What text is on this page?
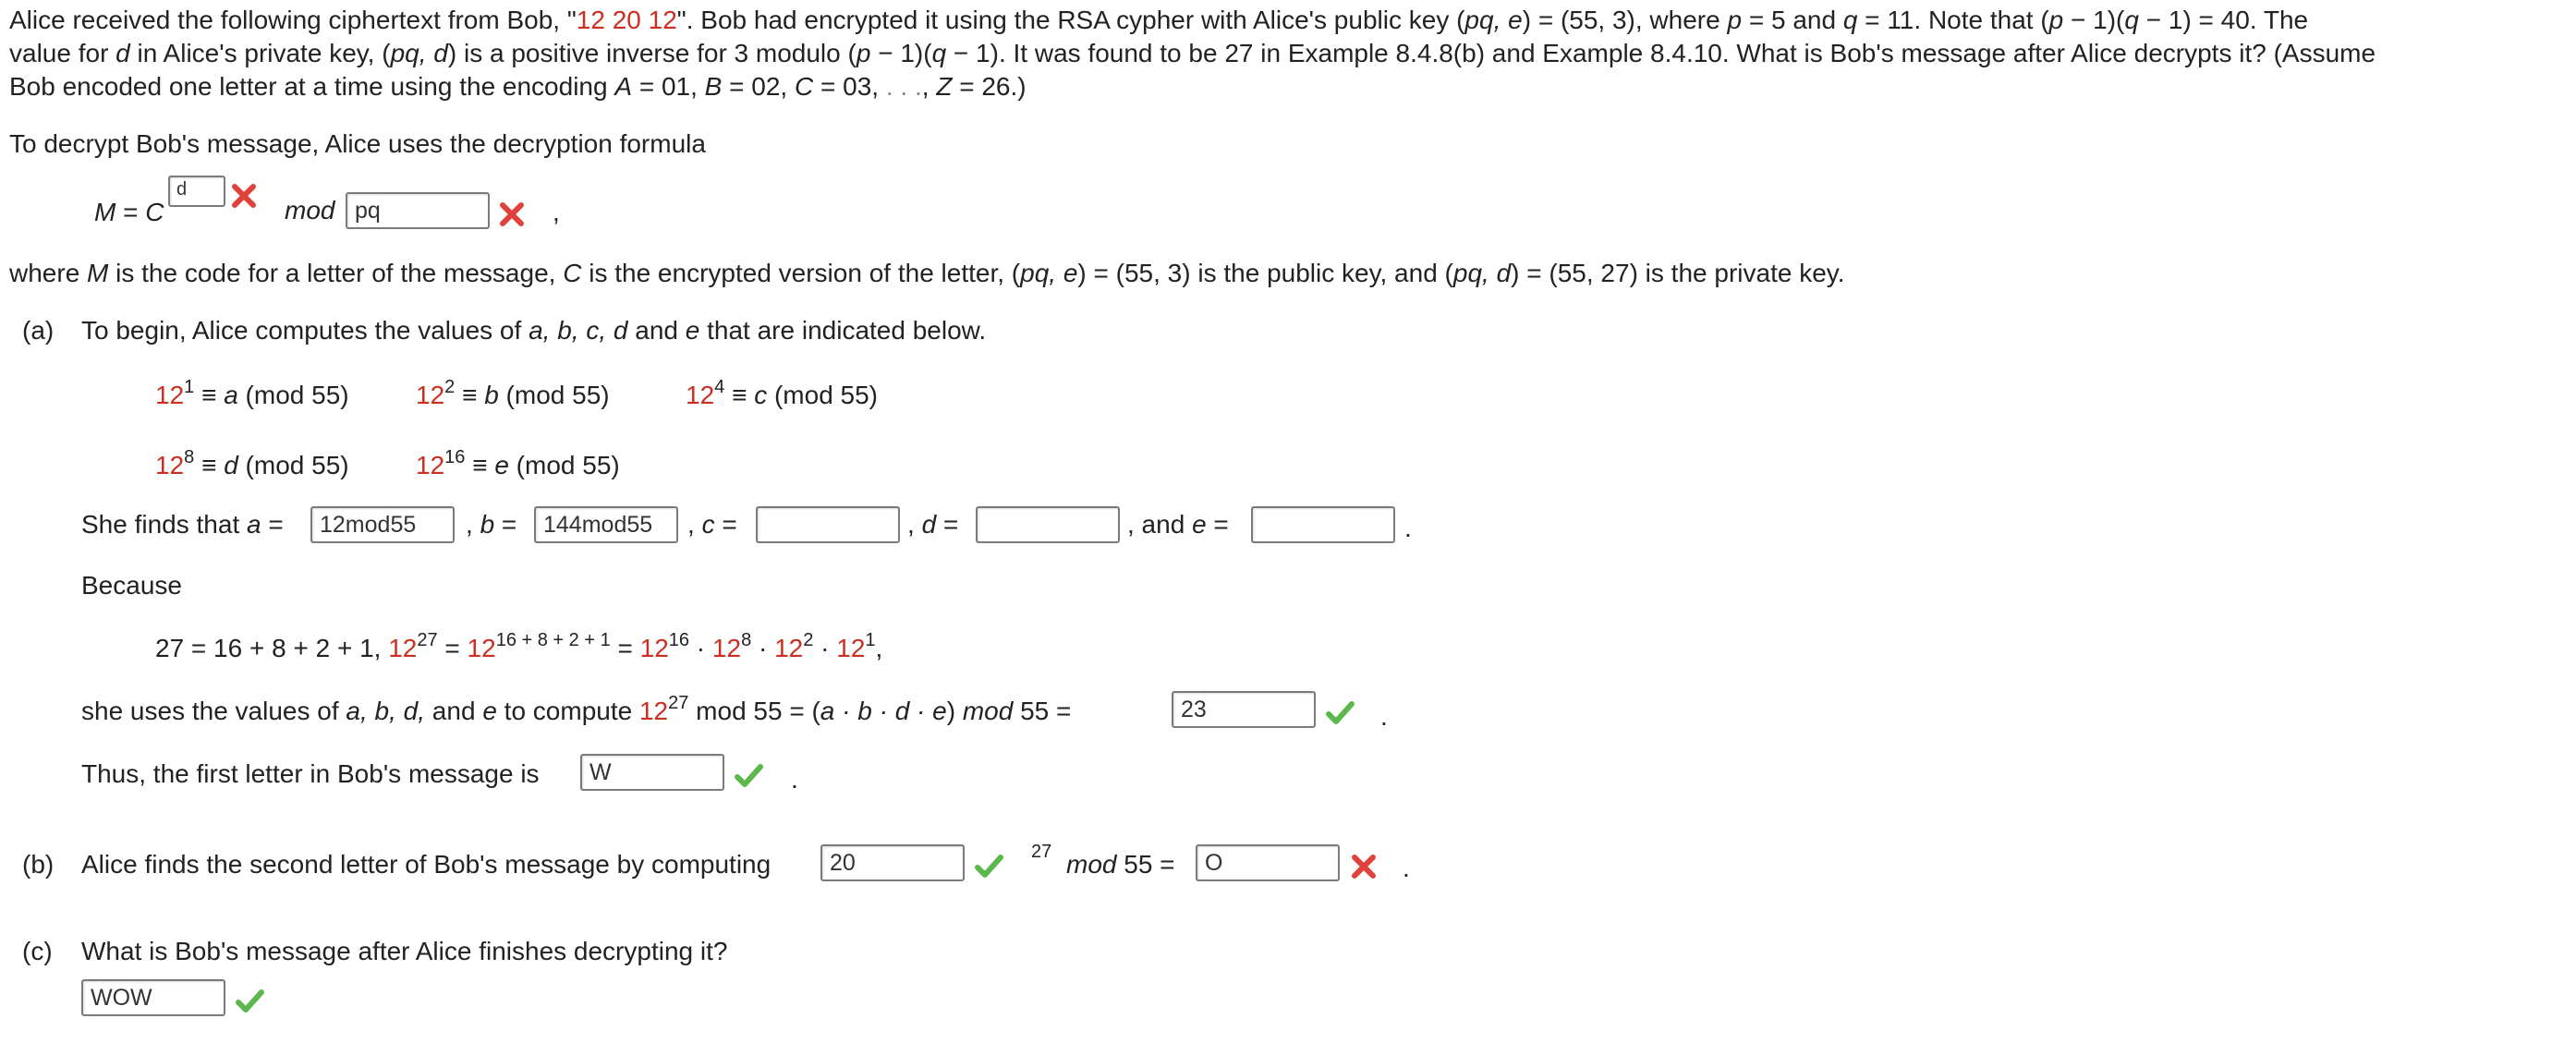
Alice received the following ciphertext from Bob, "12 20 12". Bob had encrypted it using the RSA cypher with Alice's public key (pq, e) = (55, 3), where p = 5 and q = 11. Note that (p − 1)(q − 1) = 40. The
value for d in Alice's private key, (pq, d) is a positive inverse for 3 modulo (p − 1)(q − 1). It was found to be 27 in Example 8.4.8(b) and Example 8.4.10. What is Bob's message after Alice decrypts it? (Assume
Bob encoded one letter at a time using the encoding A = 01, B = 02, C = 03, . . ., Z = 26.)
To decrypt Bob's message, Alice uses the decryption formula
M = C
d
mod pq	,
where M is the code for a letter of the message, C is the encrypted version of the letter, (pq, e) = (55, 3) is the public key, and (pq, d) = (55, 27) is the private key.
(a) To begin, Alice computes the values of a, b, c, d and e that are indicated below.
$12^1 \equiv a$ (mod 55)	$12^2 \equiv b$ (mod 55)	$12^4 \equiv c$ (mod 55)
$12^8 \equiv d$ (mod 55)	$12^{16} \equiv e$ (mod 55)
She finds that a =	12mod55	, b =	144mod55	, c =	, d =	, and e =	.
Because
27 = 16 + 8 + 2 + 1, $12^{27} = 12^{16 + 8 + 2 + 1} = 12^{16} \cdot 12^8 \cdot 12^2 \cdot 12^1$,
she uses the values of a, b, d, and e to compute $12^{27}$ mod 55 = (a · b · d · e) mod 55 =	23	.
Thus, the first letter in Bob's message is	W	.
(b) Alice finds the second letter of Bob's message by computing	20	27 mod 55 =	O	.
(c) What is Bob's message after Alice finishes decrypting it?
WOW
